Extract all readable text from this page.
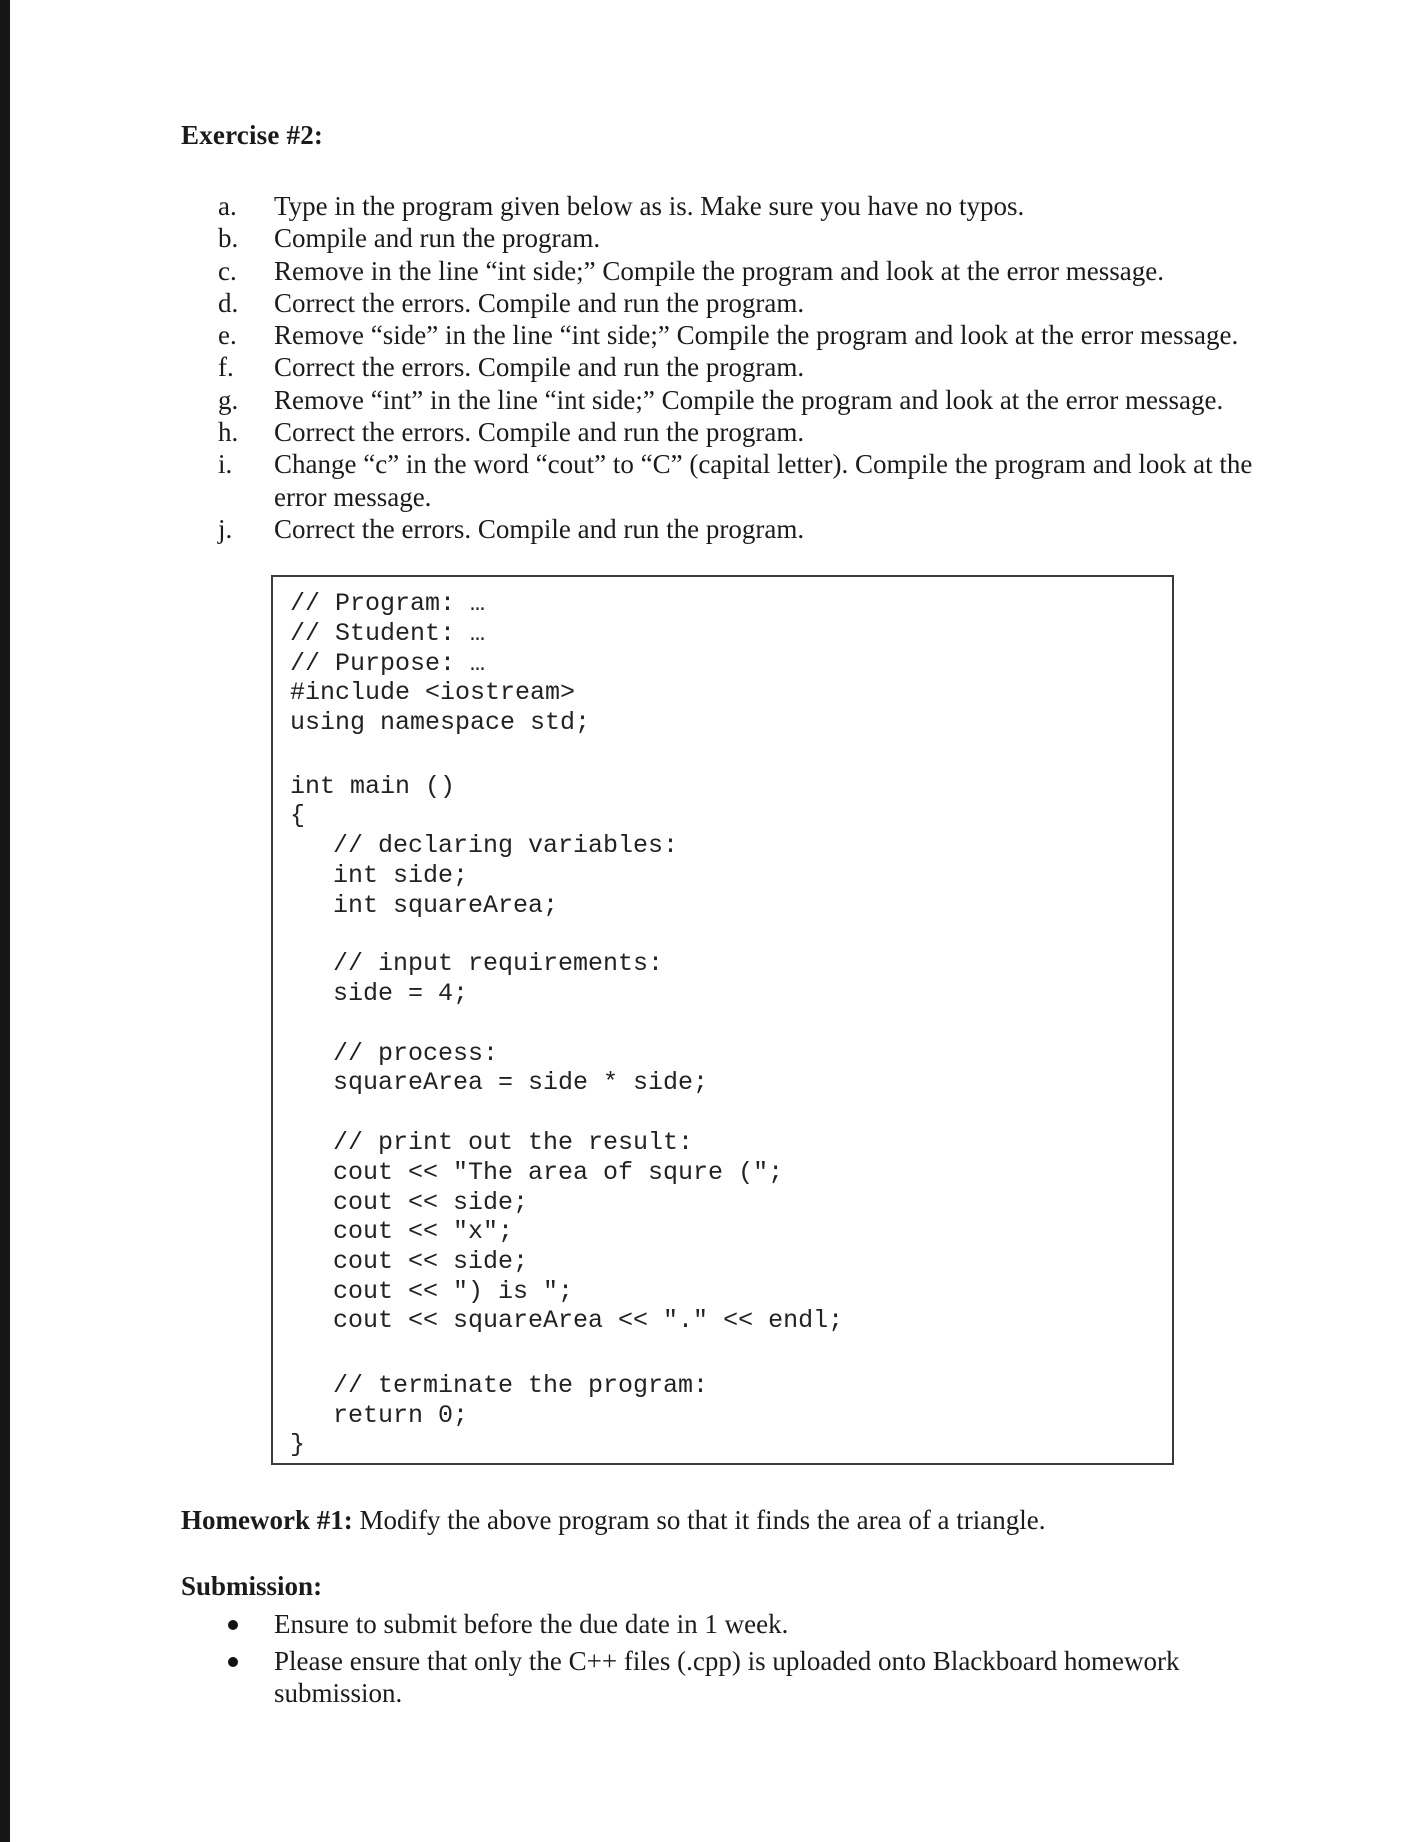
Exercise #2:
a.	Type in the program given below as is. Make sure you have no typos.
b.	Compile and run the program.
c.	Remove in the line “int side;” Compile the program and look at the error message.
d.	Correct the errors. Compile and run the program.
e.	Remove “side” in the line “int side;” Compile the program and look at the error message.
f.	Correct the errors. Compile and run the program.
g.	Remove “int” in the line “int side;” Compile the program and look at the error message.
h.	Correct the errors. Compile and run the program.
i.	Change “c” in the word “cout” to “C” (capital letter). Compile the program and look at the error message.
j.	Correct the errors. Compile and run the program.
// Program: …
// Student: …
// Purpose: …
#include <iostream>
using namespace std;
int main ()
{
// declaring variables:
int side;
int squareArea;
// input requirements:
side = 4;
// process:
squareArea = side * side;
// print out the result:
cout << "The area of squre (";
cout << side;
cout << "x";
cout << side;
cout << ") is ";
cout << squareArea << "." << endl;
// terminate the program:
return 0;
}
Homework #1: Modify the above program so that it finds the area of a triangle.
Submission:
Ensure to submit before the due date in 1 week.
Please ensure that only the C++ files (.cpp) is uploaded onto Blackboard homework submission.
